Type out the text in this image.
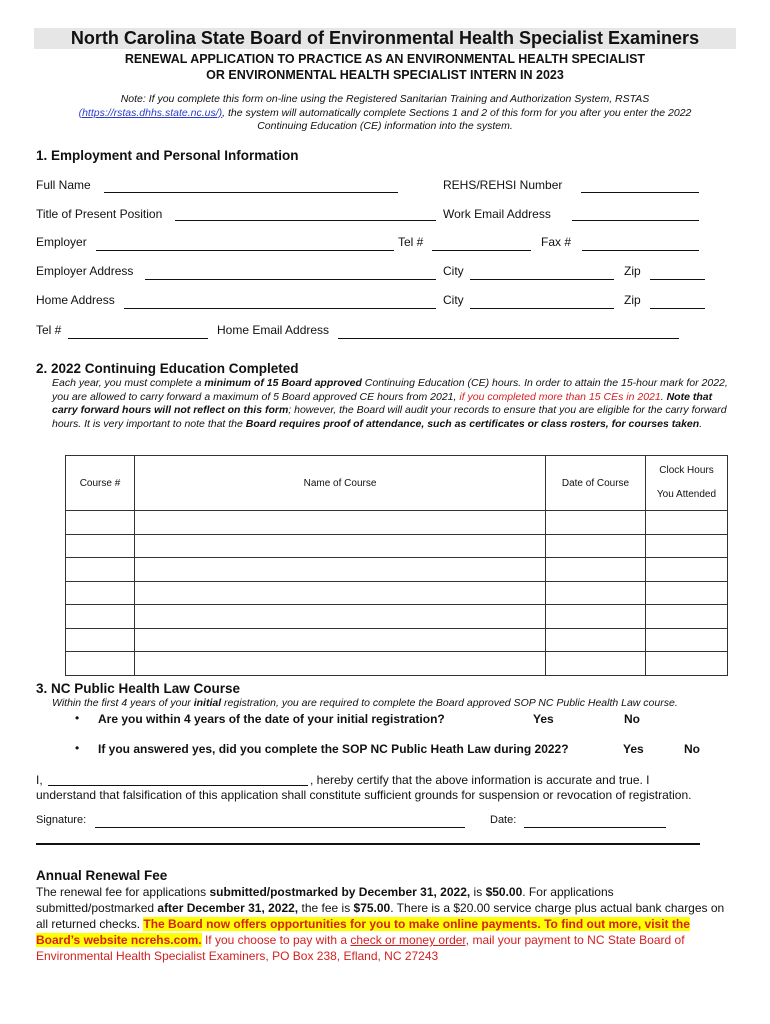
North Carolina State Board of Environmental Health Specialist Examiners
RENEWAL APPLICATION TO PRACTICE AS AN ENVIRONMENTAL HEALTH SPECIALIST
OR ENVIRONMENTAL HEALTH SPECIALIST INTERN IN 2023
Note: If you complete this form on-line using the Registered Sanitarian Training and Authorization System, RSTAS
(https://rstas.dhhs.state.nc.us/), the system will automatically complete Sections 1 and 2 of this form for you after you enter the 2022
Continuing Education (CE) information into the system.
1. Employment and Personal Information
Full Name	REHS/REHSI Number
Title of Present Position	Work Email Address
Employer	Tel #	Fax #
Employer Address	City	Zip
Home Address	City	Zip
Tel #	Home Email Address
2. 2022 Continuing Education Completed
Each year, you must complete a minimum of 15 Board approved Continuing Education (CE) hours. In order to attain the 15-hour mark for 2022, you are allowed to carry forward a maximum of 5 Board approved CE hours from 2021, if you completed more than 15 CEs in 2021. Note that carry forward hours will not reflect on this form; however, the Board will audit your records to ensure that you are eligible for the carry forward hours. It is very important to note that the Board requires proof of attendance, such as certificates or class rosters, for courses taken.
Course #	Name of Course	Date of Course	Clock Hours
You Attended

3. NC Public Health Law Course
Within the first 4 years of your initial registration, you are required to complete the Board approved SOP NC Public Health Law course.
• Are you within 4 years of the date of your initial registration?	Yes	No
• If you answered yes, did you complete the SOP NC Public Heath Law during 2022?	Yes	No
I,	, hereby certify that the above information is accurate and true. I
understand that falsification of this application shall constitute sufficient grounds for suspension or revocation of registration.
Signature:	Date:
Annual Renewal Fee
The renewal fee for applications submitted/postmarked by December 31, 2022, is $50.00. For applications submitted/postmarked after December 31, 2022, the fee is $75.00. There is a $20.00 service charge plus actual bank charges on all returned checks. The Board now offers opportunities for you to make online payments. To find out more, visit the Board’s website ncrehs.com. If you choose to pay with a check or money order, mail your payment to NC State Board of Environmental Health Specialist Examiners, PO Box 238, Efland, NC 27243
